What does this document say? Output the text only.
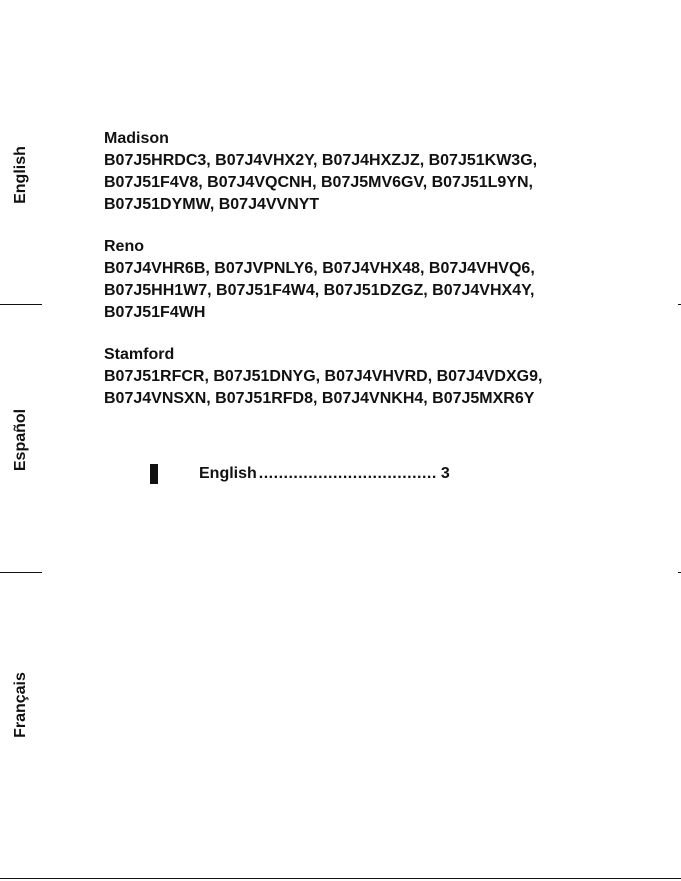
English
Español
Français
Madison
B07J5HRDC3, B07J4VHX2Y, B07J4HXZJZ, B07J51KW3G,
B07J51F4V8, B07J4VQCNH, B07J5MV6GV, B07J51L9YN,
B07J51DYMW, B07J4VVNYT
Reno
B07J4VHR6B, B07JVPNLY6, B07J4VHX48, B07J4VHVQ6,
B07J5HH1W7, B07J51F4W4, B07J51DZGZ, B07J4VHX4Y,
B07J51F4WH
Stamford
B07J51RFCR, B07J51DNYG, B07J4VHVRD, B07J4VDXG9,
B07J4VNSXN, B07J51RFD8, B07J4VNKH4, B07J5MXR6Y
English .................................... 3
